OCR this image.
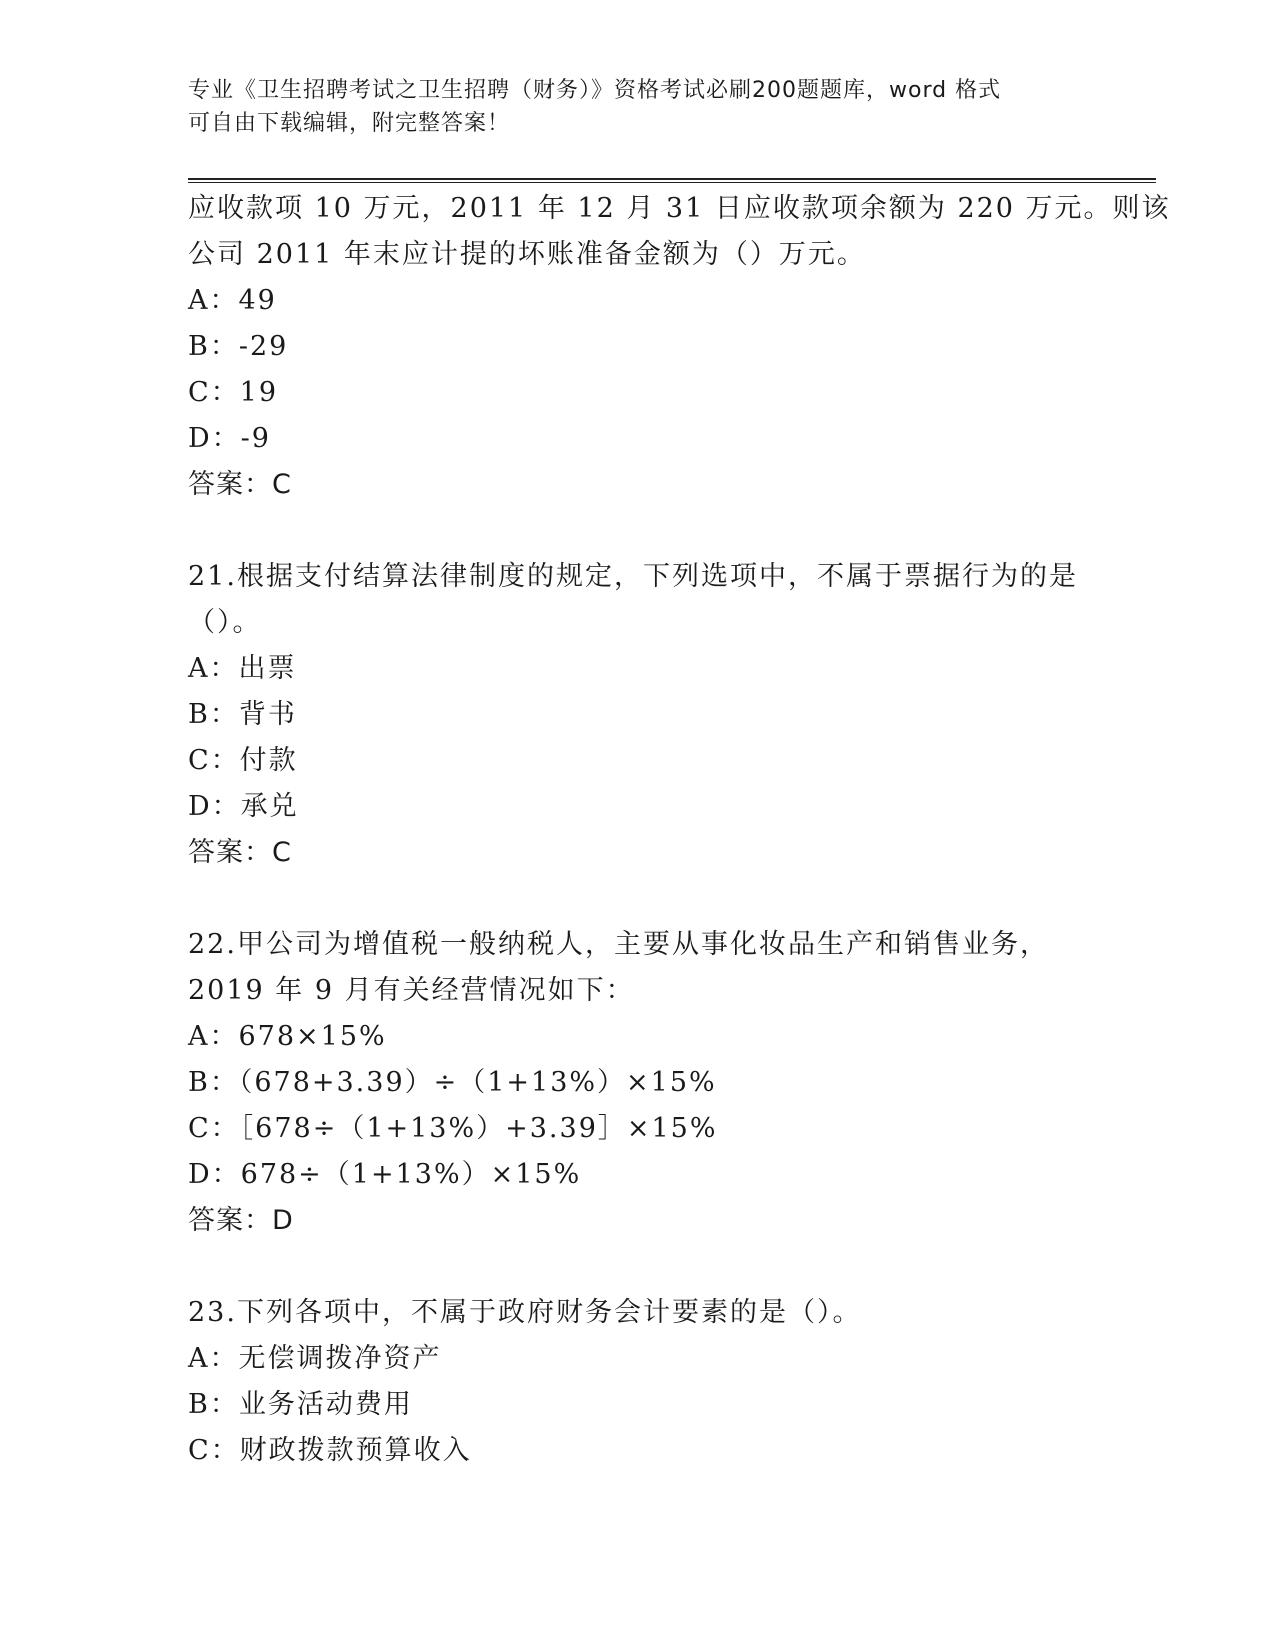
专业《卫生招聘考试之卫生招聘（财务）》资格考试必刷200题题库，word 格式
可自由下载编辑，附完整答案！
应收款项 10 万元，2011 年 12 月 31 日应收款项余额为 220 万元。则该
公司 2011 年末应计提的坏账准备金额为（）万元。
A：49
B：-29
C：19
D：-9
答案：C
21.根据支付结算法律制度的规定，下列选项中，不属于票据行为的是
（）。
A：出票
B：背书
C：付款
D：承兑
答案：C
22.甲公司为增值税一般纳税人，主要从事化妆品生产和销售业务，
2019 年 9 月有关经营情况如下：
A：678×15%
B：（678+3.39）÷（1+13%）×15%
C：［678÷（1+13%）+3.39］×15%
D：678÷（1+13%）×15%
答案：D
23.下列各项中，不属于政府财务会计要素的是（）。
A：无偿调拨净资产
B：业务活动费用
C：财政拨款预算收入
